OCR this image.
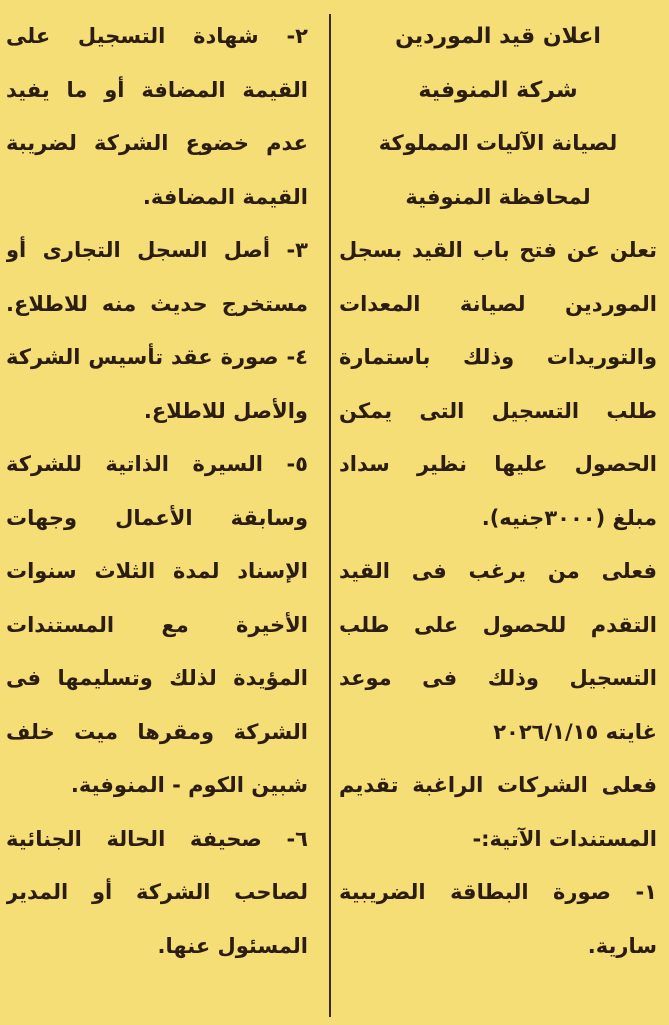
اعلان قيد الموردين
شركة المنوفية
لصيانة الآليات المملوكة
لمحافظة المنوفية
تعلن عن فتح باب القيد بسجل
الموردين لصيانة المعدات
والتوريدات وذلك باستمارة
طلب التسجيل التى يمكن
الحصول عليها نظير سداد
مبلغ (٣٠٠٠جنيه).
فعلى من يرغب فى القيد
التقدم للحصول على طلب
التسجيل وذلك فى موعد
غايته ٢٠٢٦/١/١٥
فعلى الشركات الراغبة تقديم
المستندات الآتية:-
١- صورة البطاقة الضريبية
سارية.
٢- شهادة التسجيل على
القيمة المضافة أو ما يفيد
عدم خضوع الشركة لضريبة
القيمة المضافة.
٣- أصل السجل التجارى أو
مستخرج حديث منه للاطلاع.
٤- صورة عقد تأسيس الشركة
والأصل للاطلاع.
٥- السيرة الذاتية للشركة
وسابقة الأعمال وجهات
الإسناد لمدة الثلاث سنوات
الأخيرة مع المستندات
المؤيدة لذلك وتسليمها فى
الشركة ومقرها ميت خلف
شبين الكوم - المنوفية.
٦- صحيفة الحالة الجنائية
لصاحب الشركة أو المدير
المسئول عنها.
